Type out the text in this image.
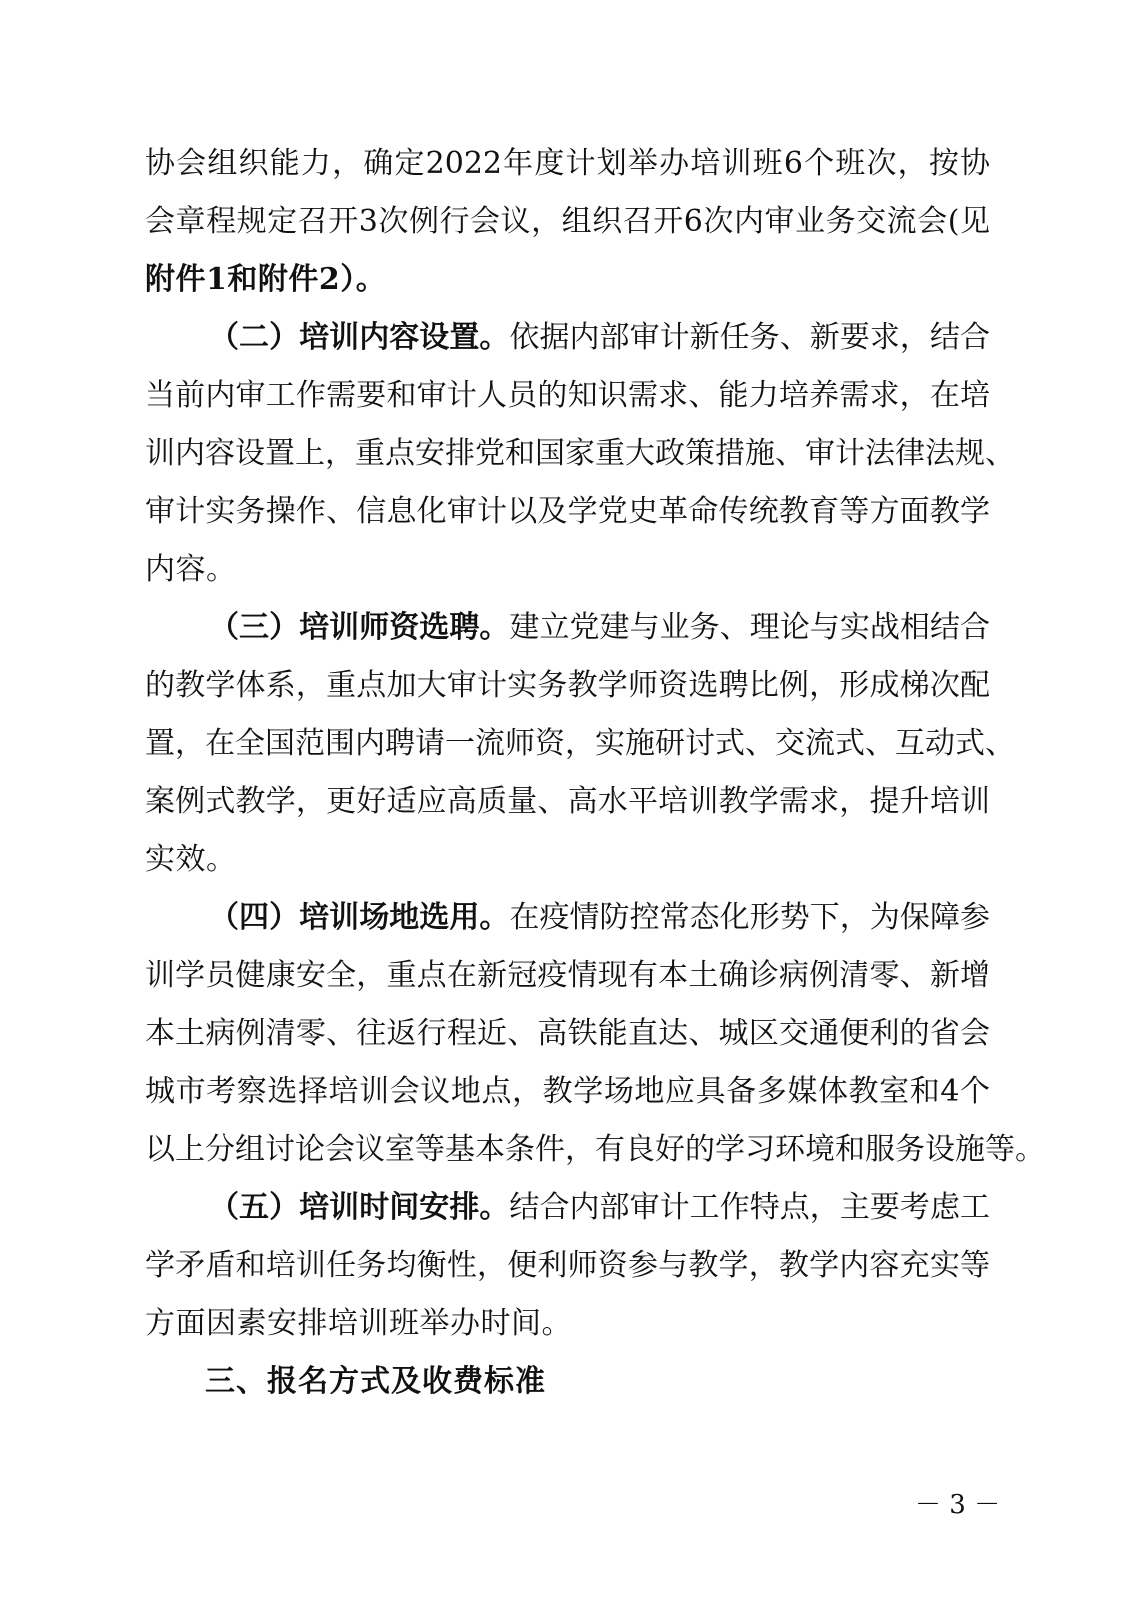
协会组织能力，确定2022年度计划举办培训班6个班次，按协
会章程规定召开3次例行会议，组织召开6次内审业务交流会(见
附件1和附件2）。
（二）培训内容设置。依据内部审计新任务、新要求，结合
当前内审工作需要和审计人员的知识需求、能力培养需求，在培
训内容设置上，重点安排党和国家重大政策措施、审计法律法规、
审计实务操作、信息化审计以及学党史革命传统教育等方面教学
内容。
（三）培训师资选聘。建立党建与业务、理论与实战相结合
的教学体系，重点加大审计实务教学师资选聘比例，形成梯次配
置，在全国范围内聘请一流师资，实施研讨式、交流式、互动式、
案例式教学，更好适应高质量、高水平培训教学需求，提升培训
实效。
（四）培训场地选用。在疫情防控常态化形势下，为保障参
训学员健康安全，重点在新冠疫情现有本土确诊病例清零、新增
本土病例清零、往返行程近、高铁能直达、城区交通便利的省会
城市考察选择培训会议地点，教学场地应具备多媒体教室和4个
以上分组讨论会议室等基本条件，有良好的学习环境和服务设施等。
（五）培训时间安排。结合内部审计工作特点，主要考虑工
学矛盾和培训任务均衡性，便利师资参与教学，教学内容充实等
方面因素安排培训班举办时间。
三、报名方式及收费标准
－ 3 －
